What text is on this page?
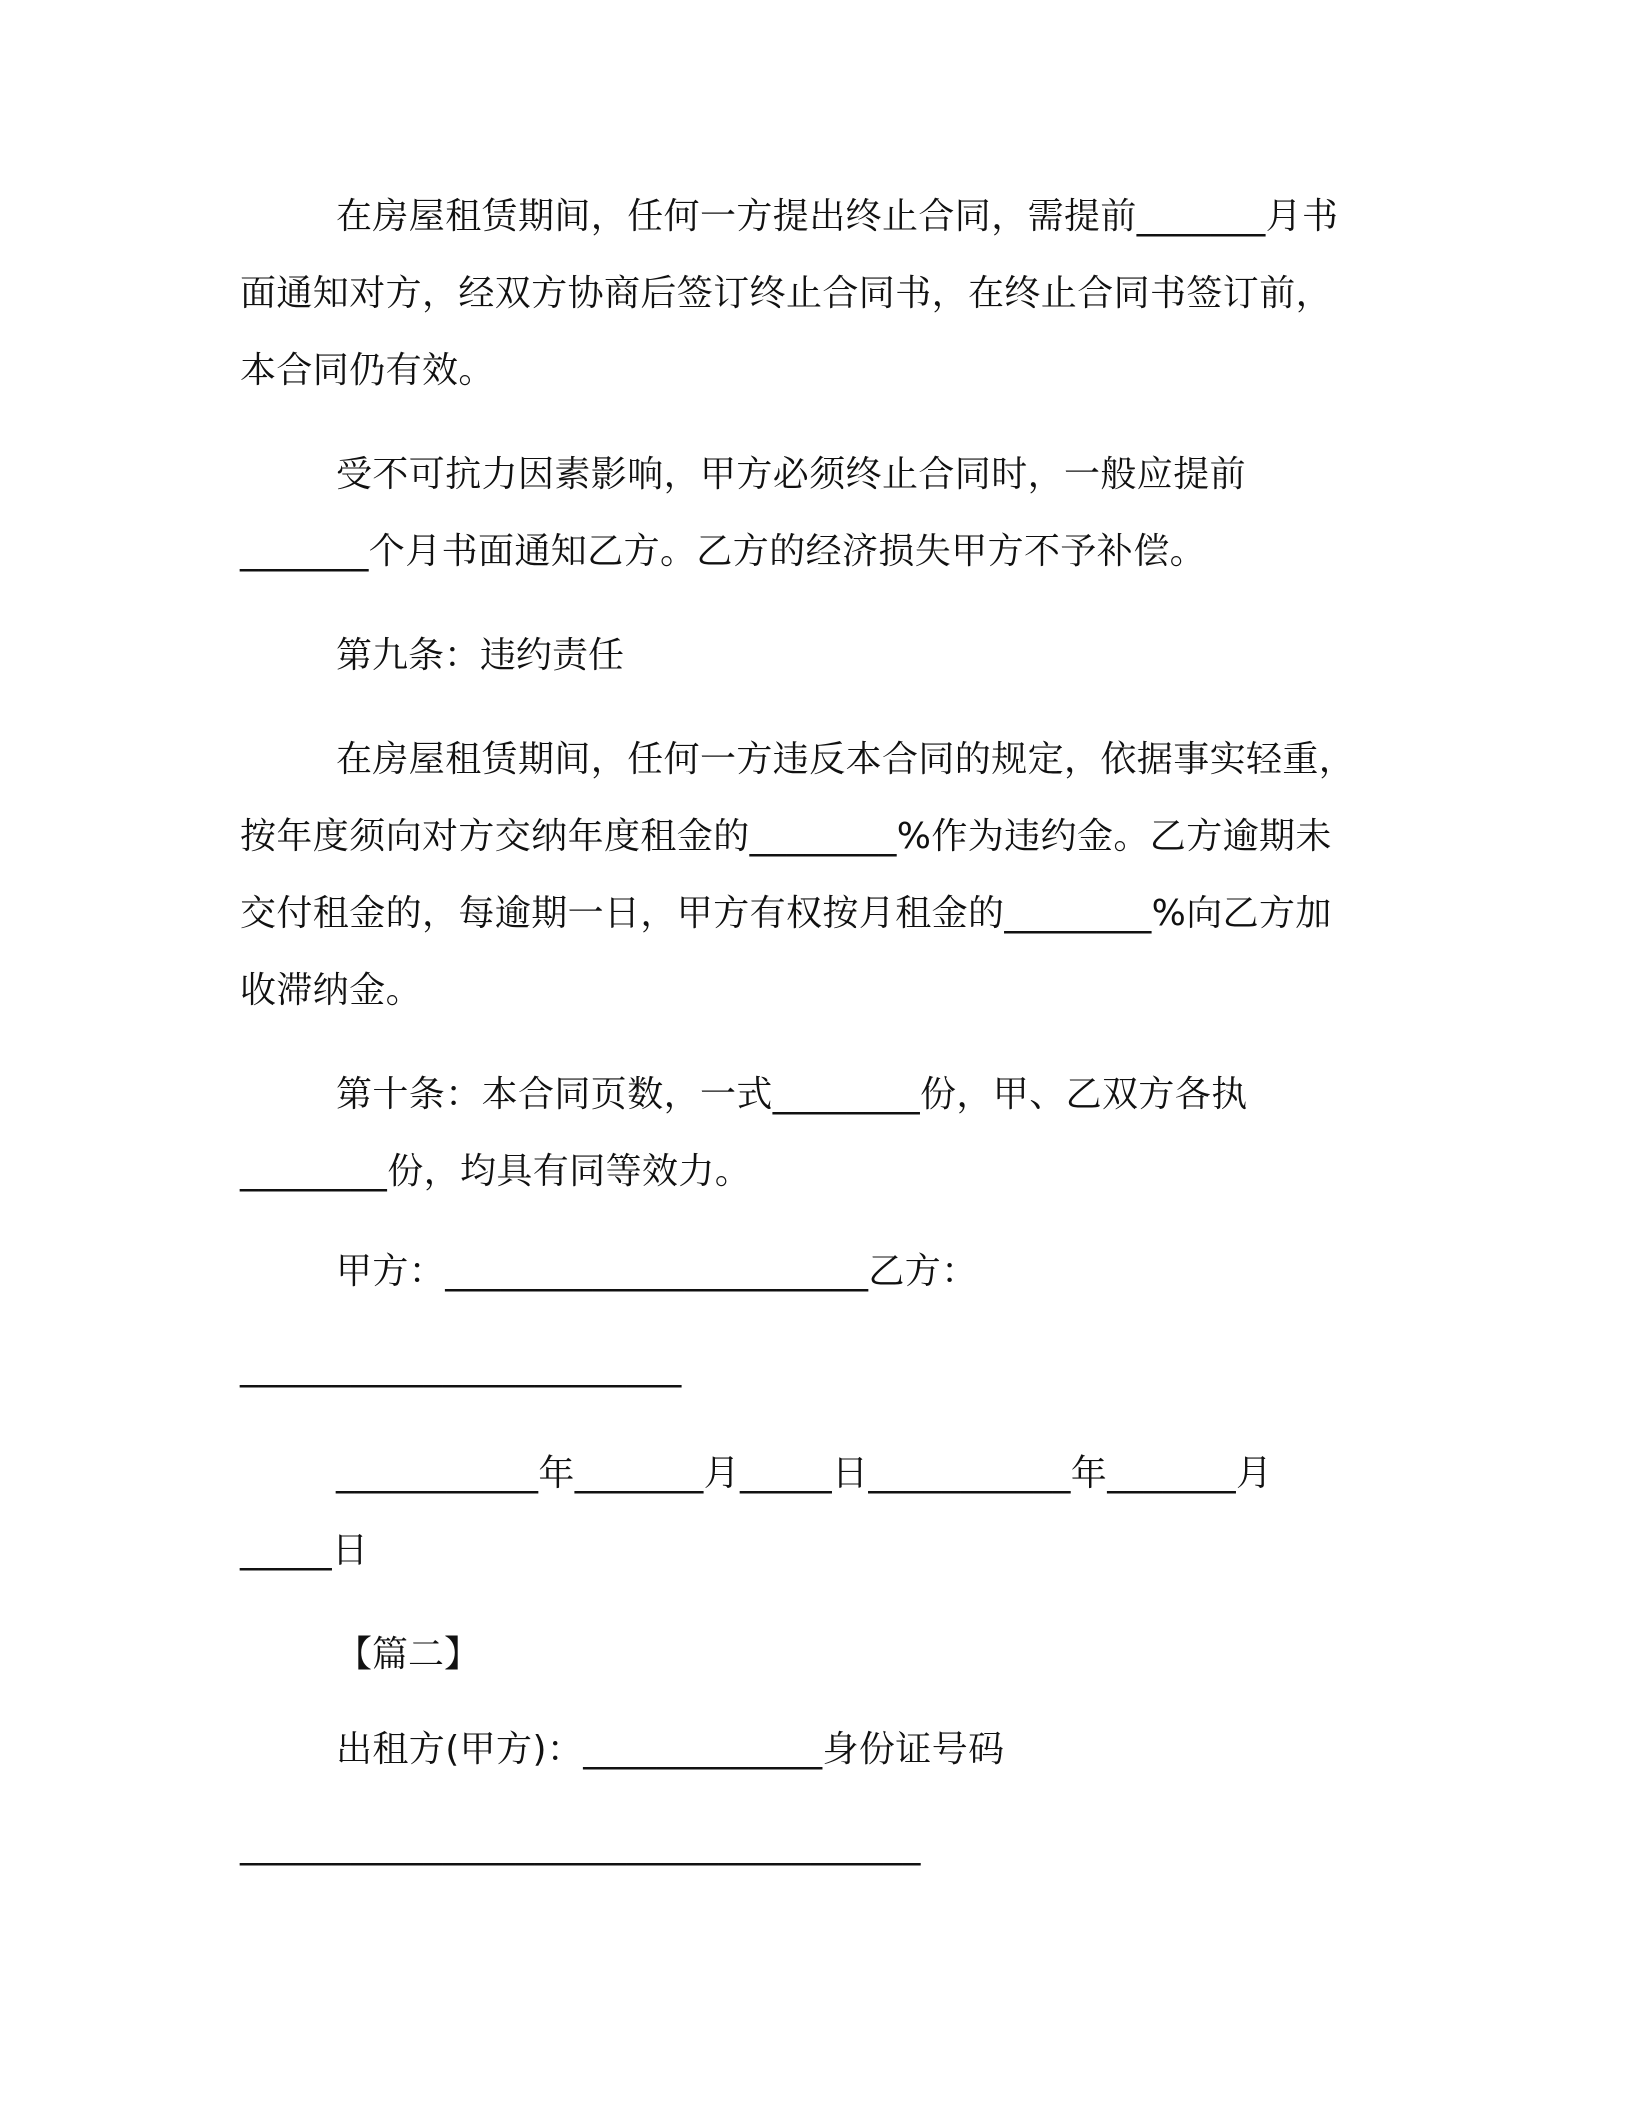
在房屋租赁期间，任何一方提出终止合同，需提前_______月书
面通知对方，经双方协商后签订终止合同书，在终止合同书签订前，
本合同仍有效。
受不可抗力因素影响，甲方必须终止合同时，一般应提前
_______个月书面通知乙方。乙方的经济损失甲方不予补偿。
第九条：违约责任
在房屋租赁期间，任何一方违反本合同的规定，依据事实轻重，
按年度须向对方交纳年度租金的________%作为违约金。乙方逾期未
交付租金的，每逾期一日，甲方有权按月租金的________%向乙方加
收滞纳金。
第十条：本合同页数，一式________份，甲、乙双方各执
________份，均具有同等效力。
甲方：_______________________乙方：
________________________
___________年_______月_____日___________年_______月
_____日
【篇二】
出租方(甲方)：_____________身份证号码
_____________________________________
